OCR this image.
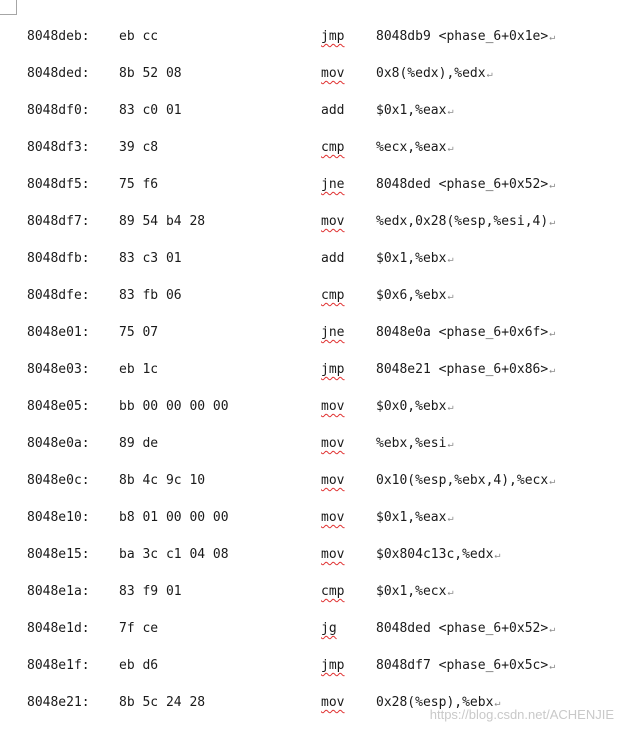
8048deb: eb cc	jmp 8048db9 <phase_6+0x1e>↵
8048ded: 8b 52 08	mov 0x8(%edx),%edx↵
8048df0: 83 c0 01	add $0x1,%eax↵
8048df3: 39 c8	cmp %ecx,%eax↵
8048df5: 75 f6	jne 8048ded <phase_6+0x52>↵
8048df7: 89 54 b4 28	mov %edx,0x28(%esp,%esi,4)↵
8048dfb: 83 c3 01	add $0x1,%ebx↵
8048dfe: 83 fb 06	cmp $0x6,%ebx↵
8048e01: 75 07	jne 8048e0a <phase_6+0x6f>↵
8048e03: eb 1c	jmp 8048e21 <phase_6+0x86>↵
8048e05: bb 00 00 00 00	mov $0x0,%ebx↵
8048e0a: 89 de	mov %ebx,%esi↵
8048e0c: 8b 4c 9c 10	mov 0x10(%esp,%ebx,4),%ecx↵
8048e10: b8 01 00 00 00	mov $0x1,%eax↵
8048e15: ba 3c c1 04 08	mov $0x804c13c,%edx↵
8048e1a: 83 f9 01	cmp $0x1,%ecx↵
8048e1d: 7f ce	jg	8048ded <phase_6+0x52>↵
8048e1f: eb d6	jmp 8048df7 <phase_6+0x5c>↵
8048e21: 8b 5c 24 28	mov 0x28(%esp),%ebx↵
https://blog.csdn.net/ACHENJIE
